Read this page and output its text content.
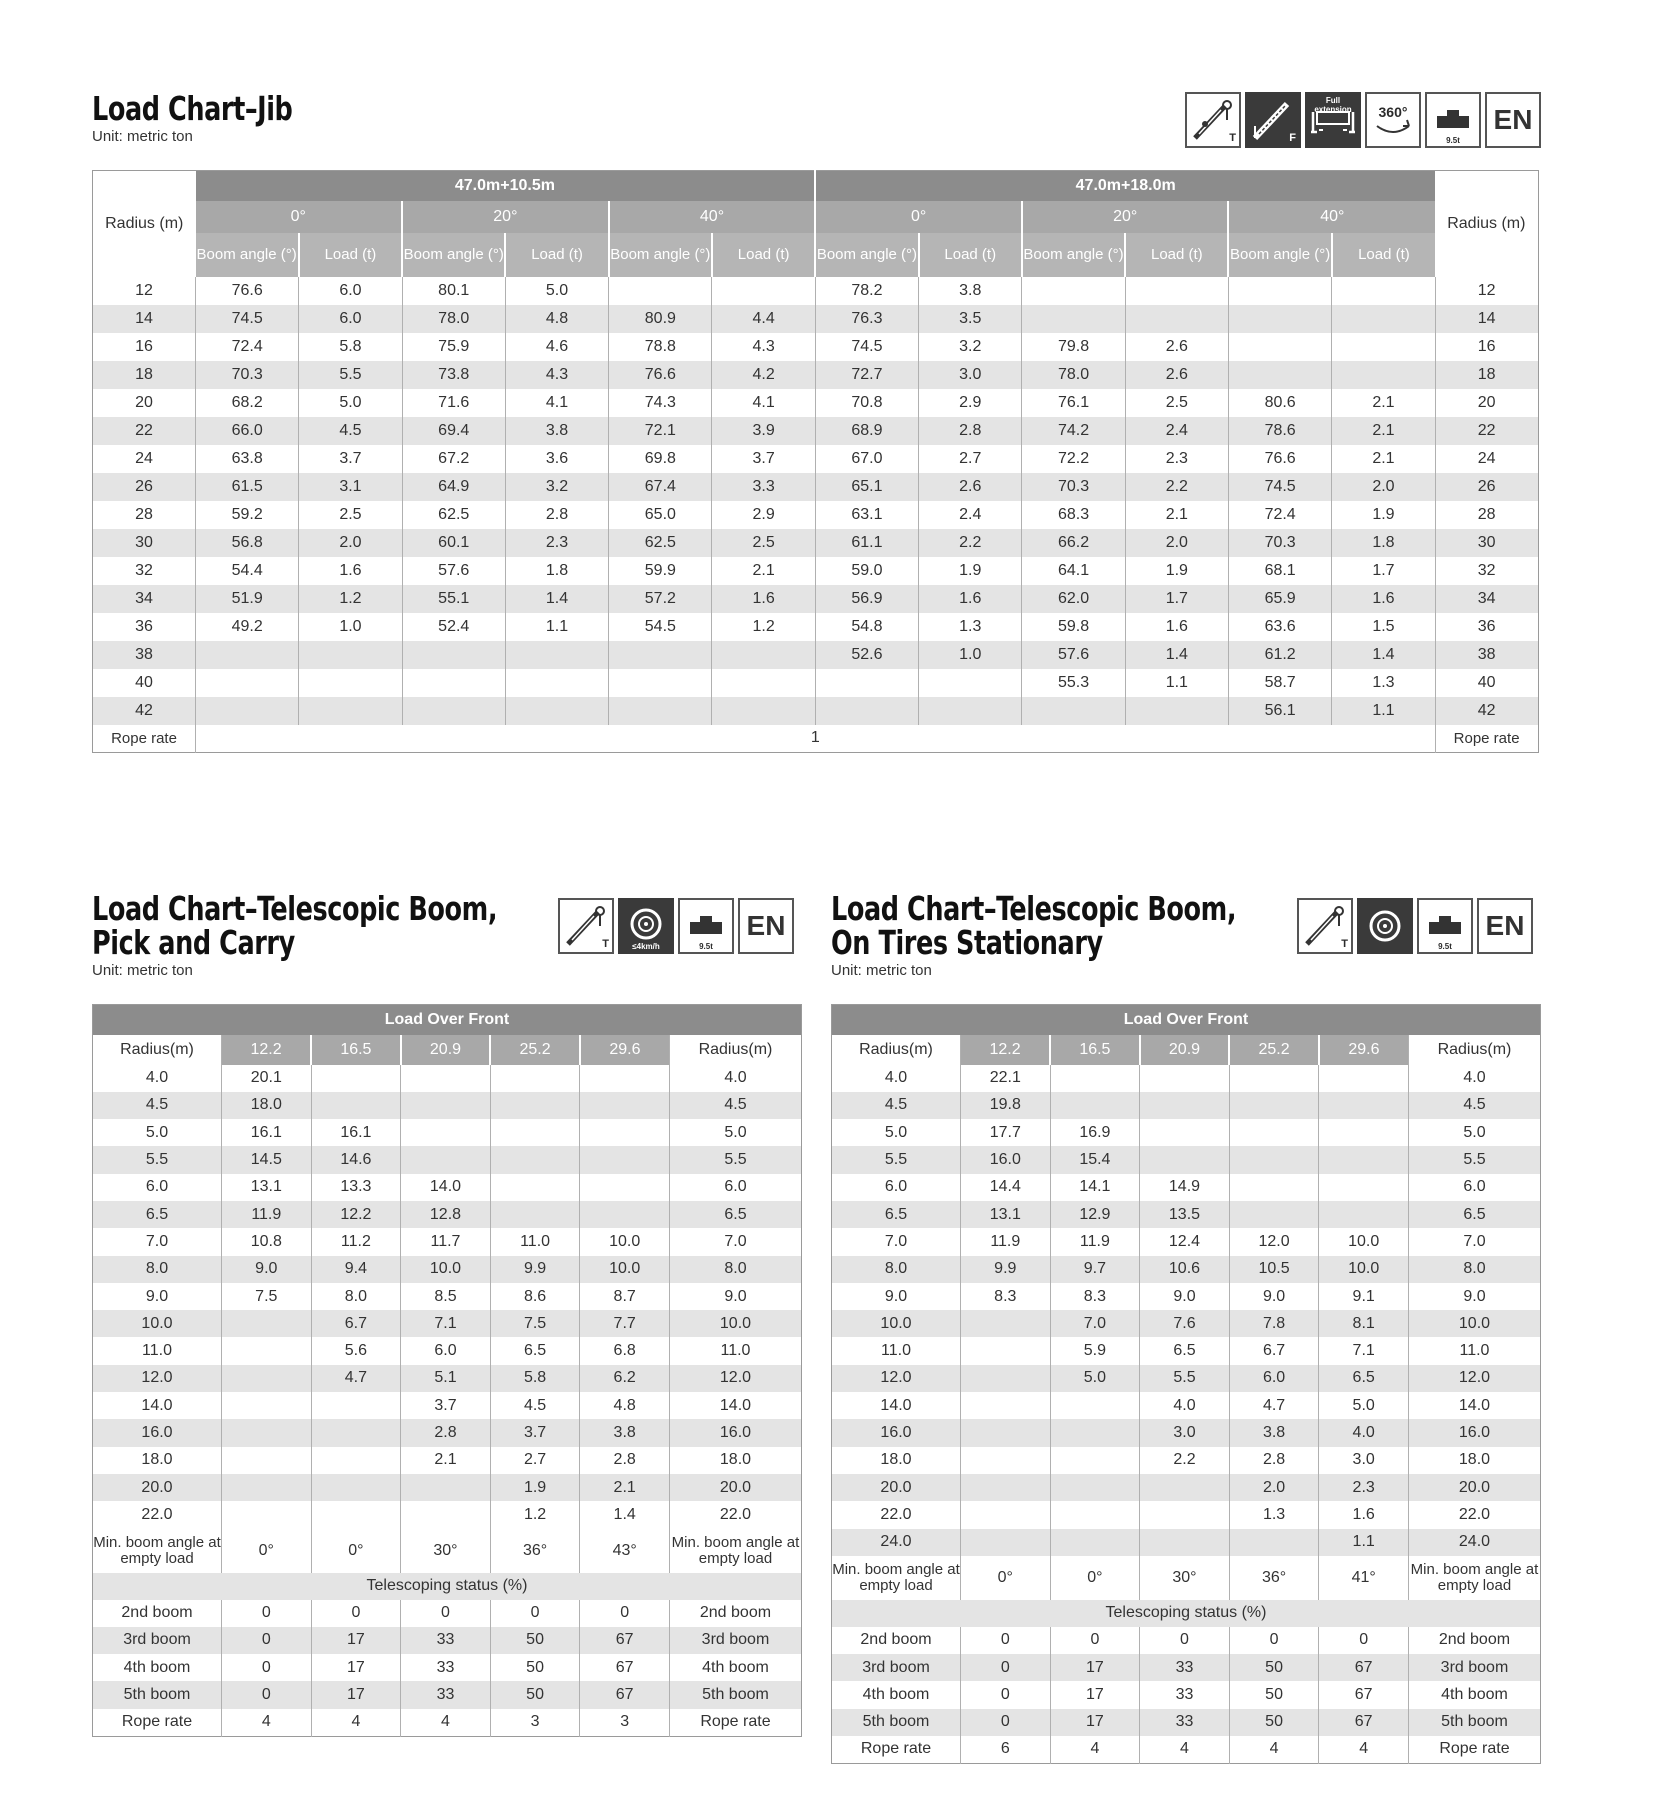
Load Chart–Jib
Unit: metric ton	T	F
Full extension	360°
9.5t
EN
Radius (m)	47.0m+10.5m						47.0m+18.0m						Radius (m)
	0°		20°		40°		0°		20°		40°		
	Boom angle (°)	Load (t)	Boom angle (°)	Load (t)	Boom angle (°)	Load (t)	Boom angle (°)	Load (t)	Boom angle (°)	Load (t)	Boom angle (°)	Load (t)	
12	76.6	6.0	80.1	5.0			78.2	3.8					12
14	74.5	6.0	78.0	4.8	80.9	4.4	76.3	3.5					14
16	72.4	5.8	75.9	4.6	78.8	4.3	74.5	3.2	79.8	2.6			16
18	70.3	5.5	73.8	4.3	76.6	4.2	72.7	3.0	78.0	2.6			18
20	68.2	5.0	71.6	4.1	74.3	4.1	70.8	2.9	76.1	2.5	80.6	2.1	20
22	66.0	4.5	69.4	3.8	72.1	3.9	68.9	2.8	74.2	2.4	78.6	2.1	22
24	63.8	3.7	67.2	3.6	69.8	3.7	67.0	2.7	72.2	2.3	76.6	2.1	24
26	61.5	3.1	64.9	3.2	67.4	3.3	65.1	2.6	70.3	2.2	74.5	2.0	26
28	59.2	2.5	62.5	2.8	65.0	2.9	63.1	2.4	68.3	2.1	72.4	1.9	28
30	56.8	2.0	60.1	2.3	62.5	2.5	61.1	2.2	66.2	2.0	70.3	1.8	30
32	54.4	1.6	57.6	1.8	59.9	2.1	59.0	1.9	64.1	1.9	68.1	1.7	32
34	51.9	1.2	55.1	1.4	57.2	1.6	56.9	1.6	62.0	1.7	65.9	1.6	34
36	49.2	1.0	52.4	1.1	54.5	1.2	54.8	1.3	59.8	1.6	63.6	1.5	36
38							52.6	1.0	57.6	1.4	61.2	1.4	38
40									55.3	1.1	58.7	1.3	40
42											56.1	1.1	42
Rope rate	1												Rope rate
Load Chart–Telescopic Boom,
Pick and Carry
Unit: metric ton
T	≤4km/h	9.5t
EN
Load Over Front						
Radius(m)	12.2	16.5	20.9	25.2	29.6	Radius(m)
4.0	20.1					4.0
4.5	18.0					4.5
5.0	16.1	16.1				5.0
5.5	14.5	14.6				5.5
6.0	13.1	13.3	14.0			6.0
6.5	11.9	12.2	12.8			6.5
7.0	10.8	11.2	11.7	11.0	10.0	7.0
8.0	9.0	9.4	10.0	9.9	10.0	8.0
9.0	7.5	8.0	8.5	8.6	8.7	9.0
10.0		6.7	7.1	7.5	7.7	10.0
11.0		5.6	6.0	6.5	6.8	11.0
12.0		4.7	5.1	5.8	6.2	12.0
14.0			3.7	4.5	4.8	14.0
16.0			2.8	3.7	3.8	16.0
18.0			2.1	2.7	2.8	18.0
20.0				1.9	2.1	20.0
22.0				1.2	1.4	22.0
Min. boom angle at empty load	0°	0°	30°	36°	43°	Min. boom angle at empty load
Telescoping status (%)						
2nd boom	0	0	0	0	0	2nd boom
3rd boom	0	17	33	50	67	3rd boom
4th boom	0	17	33	50	67	4th boom
5th boom	0	17	33	50	67	5th boom
Rope rate	4	4	4	3	3	Rope rate
Load Chart–Telescopic Boom,
On Tires Stationary
Unit: metric ton
T	9.5t
EN
Load Over Front						
Radius(m)	12.2	16.5	20.9	25.2	29.6	Radius(m)
4.0	22.1					4.0
4.5	19.8					4.5
5.0	17.7	16.9				5.0
5.5	16.0	15.4				5.5
6.0	14.4	14.1	14.9			6.0
6.5	13.1	12.9	13.5			6.5
7.0	11.9	11.9	12.4	12.0	10.0	7.0
8.0	9.9	9.7	10.6	10.5	10.0	8.0
9.0	8.3	8.3	9.0	9.0	9.1	9.0
10.0		7.0	7.6	7.8	8.1	10.0
11.0		5.9	6.5	6.7	7.1	11.0
12.0		5.0	5.5	6.0	6.5	12.0
14.0			4.0	4.7	5.0	14.0
16.0			3.0	3.8	4.0	16.0
18.0			2.2	2.8	3.0	18.0
20.0				2.0	2.3	20.0
22.0				1.3	1.6	22.0
24.0					1.1	24.0
Min. boom angle at empty load	0°	0°	30°	36°	41°	Min. boom angle at empty load
Telescoping status (%)						
2nd boom	0	0	0	0	0	2nd boom
3rd boom	0	17	33	50	67	3rd boom
4th boom	0	17	33	50	67	4th boom
5th boom	0	17	33	50	67	5th boom
Rope rate	6	4	4	4	4	Rope rate
